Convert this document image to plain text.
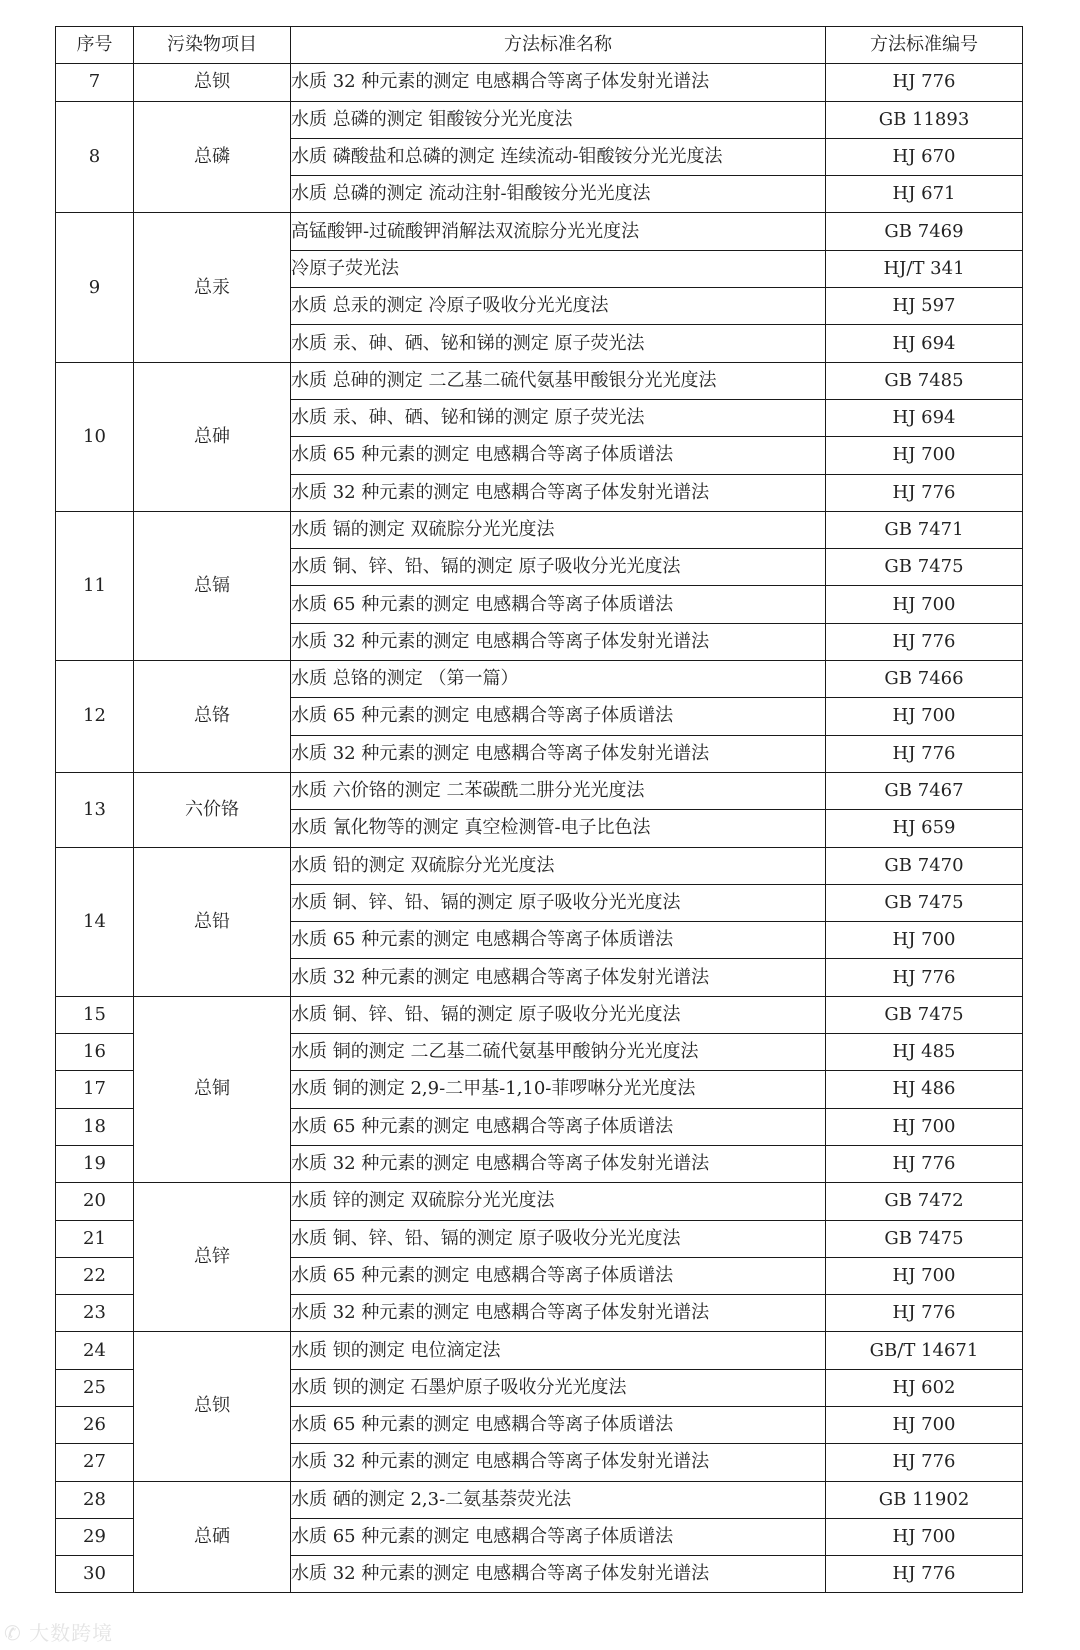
序号	污染物项目	方法标准名称	方法标准编号
7	总钡	水质 32 种元素的测定 电感耦合等离子体发射光谱法	HJ 776
8	总磷	水质 总磷的测定 钼酸铵分光光度法	GB 11893
		水质 磷酸盐和总磷的测定 连续流动-钼酸铵分光光度法	HJ 670
		水质 总磷的测定 流动注射-钼酸铵分光光度法	HJ 671
9	总汞	高锰酸钾-过硫酸钾消解法双流腙分光光度法	GB 7469
		冷原子荧光法	HJ/T 341
		水质 总汞的测定 冷原子吸收分光光度法	HJ 597
		水质 汞、砷、硒、铋和锑的测定 原子荧光法	HJ 694
10	总砷	水质 总砷的测定 二乙基二硫代氨基甲酸银分光光度法	GB 7485
		水质 汞、砷、硒、铋和锑的测定 原子荧光法	HJ 694
		水质 65 种元素的测定 电感耦合等离子体质谱法	HJ 700
		水质 32 种元素的测定 电感耦合等离子体发射光谱法	HJ 776
11	总镉	水质 镉的测定 双硫腙分光光度法	GB 7471
		水质 铜、锌、铅、镉的测定 原子吸收分光光度法	GB 7475
		水质 65 种元素的测定 电感耦合等离子体质谱法	HJ 700
		水质 32 种元素的测定 电感耦合等离子体发射光谱法	HJ 776
12	总铬	水质 总铬的测定 （第一篇）	GB 7466
		水质 65 种元素的测定 电感耦合等离子体质谱法	HJ 700
		水质 32 种元素的测定 电感耦合等离子体发射光谱法	HJ 776
13	六价铬	水质 六价铬的测定 二苯碳酰二肼分光光度法	GB 7467
		水质 氰化物等的测定 真空检测管-电子比色法	HJ 659
14	总铅	水质 铅的测定 双硫腙分光光度法	GB 7470
		水质 铜、锌、铅、镉的测定 原子吸收分光光度法	GB 7475
		水质 65 种元素的测定 电感耦合等离子体质谱法	HJ 700
		水质 32 种元素的测定 电感耦合等离子体发射光谱法	HJ 776
15	总铜	水质 铜、锌、铅、镉的测定 原子吸收分光光度法	GB 7475
16		水质 铜的测定 二乙基二硫代氨基甲酸钠分光光度法	HJ 485
17		水质 铜的测定 2,9-二甲基-1,10-菲啰啉分光光度法	HJ 486
18		水质 65 种元素的测定 电感耦合等离子体质谱法	HJ 700
19		水质 32 种元素的测定 电感耦合等离子体发射光谱法	HJ 776
20	总锌	水质 锌的测定 双硫腙分光光度法	GB 7472
21		水质 铜、锌、铅、镉的测定 原子吸收分光光度法	GB 7475
22		水质 65 种元素的测定 电感耦合等离子体质谱法	HJ 700
23		水质 32 种元素的测定 电感耦合等离子体发射光谱法	HJ 776
24	总钡	水质 钡的测定 电位滴定法	GB/T 14671
25		水质 钡的测定 石墨炉原子吸收分光光度法	HJ 602
26		水质 65 种元素的测定 电感耦合等离子体质谱法	HJ 700
27		水质 32 种元素的测定 电感耦合等离子体发射光谱法	HJ 776
28	总硒	水质 硒的测定 2,3-二氨基萘荧光法	GB 11902
29		水质 65 种元素的测定 电感耦合等离子体质谱法	HJ 700
30		水质 32 种元素的测定 电感耦合等离子体发射光谱法	HJ 776
✆ 大数跨境
